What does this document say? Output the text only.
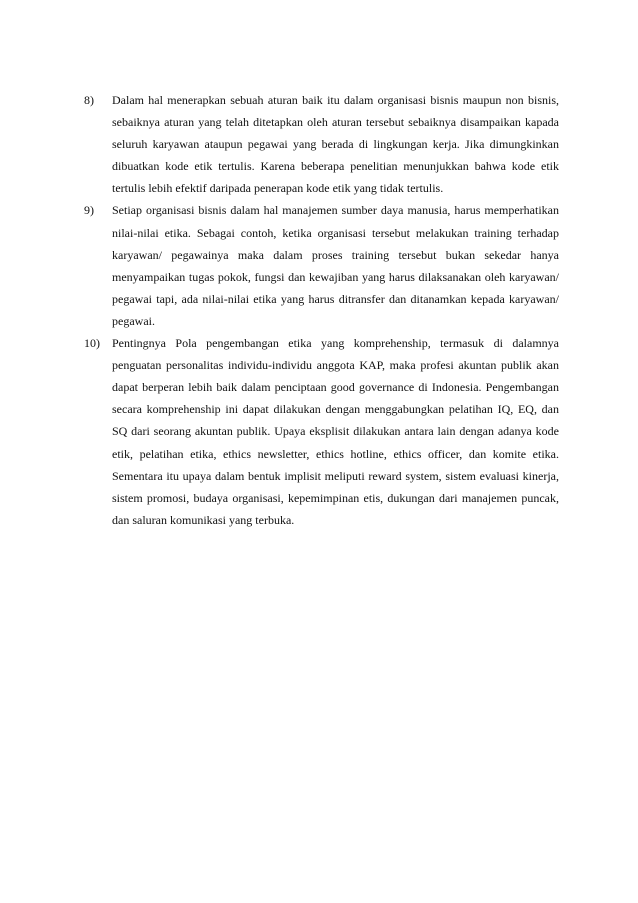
8)	Dalam hal menerapkan sebuah aturan baik itu dalam organisasi bisnis maupun non bisnis, sebaiknya aturan yang telah ditetapkan oleh aturan tersebut sebaiknya disampaikan kapada seluruh karyawan ataupun pegawai yang berada di lingkungan kerja. Jika dimungkinkan dibuatkan kode etik tertulis. Karena beberapa penelitian menunjukkan bahwa kode etik tertulis lebih efektif daripada penerapan kode etik yang tidak tertulis.
9)	Setiap organisasi bisnis dalam hal manajemen sumber daya manusia, harus memperhatikan nilai-nilai etika. Sebagai contoh, ketika organisasi tersebut melakukan training terhadap karyawan/ pegawainya maka dalam proses training tersebut bukan sekedar hanya menyampaikan tugas pokok, fungsi dan kewajiban yang harus dilaksanakan oleh karyawan/ pegawai tapi, ada nilai-nilai etika yang harus ditransfer dan ditanamkan kepada karyawan/ pegawai.
10)	Pentingnya Pola pengembangan etika yang komprehenship, termasuk di dalamnya penguatan personalitas individu-individu anggota KAP, maka profesi akuntan publik akan dapat berperan lebih baik dalam penciptaan good governance di Indonesia. Pengembangan secara komprehenship ini dapat dilakukan dengan menggabungkan pelatihan IQ, EQ, dan SQ dari seorang akuntan publik. Upaya eksplisit dilakukan antara lain dengan adanya kode etik, pelatihan etika, ethics newsletter, ethics hotline, ethics officer, dan komite etika. Sementara itu upaya dalam bentuk implisit meliputi reward system, sistem evaluasi kinerja, sistem promosi, budaya organisasi, kepemimpinan etis, dukungan dari manajemen puncak, dan saluran komunikasi yang terbuka.
